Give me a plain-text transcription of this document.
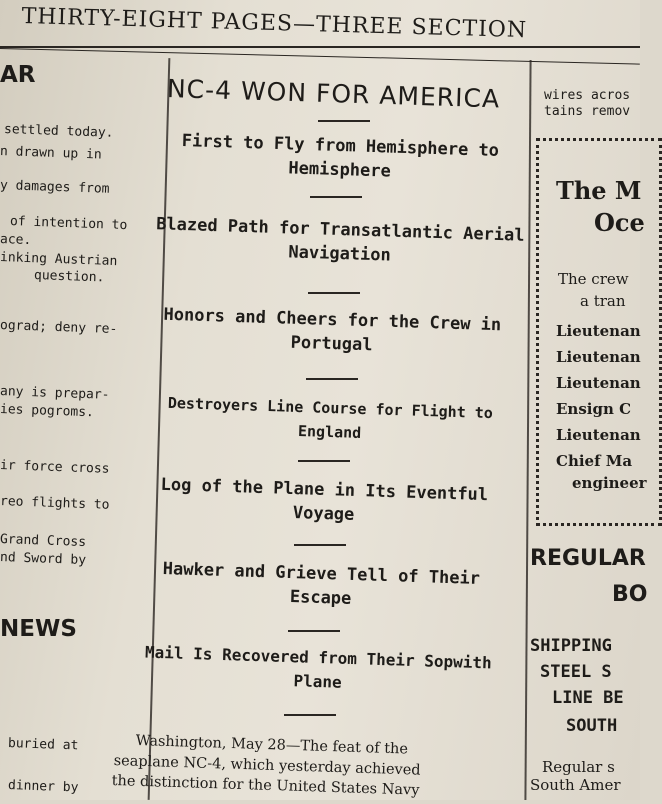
THIRTY-EIGHT PAGES—THREE SECTION
AR
settled today.
n drawn up in
y damages from
of intention to
ace.
inking Austrian
question.
ograd; deny re-
any is prepar-
ies pogroms.
ir force cross
reo flights to
Grand Cross
nd Sword by
NEWS
buried at
dinner by
NC-4 WON FOR AMERICA
First to Fly from Hemisphere to Hemisphere
Blazed Path for Transatlantic Aerial Navigation
Honors and Cheers for the Crew in Portugal
Destroyers Line Course for Flight to England
Log of the Plane in Its Eventful Voyage
Hawker and Grieve Tell of Their Escape
Mail Is Recovered from Their Sopwith Plane
Washington, May 28—The feat of the
seaplane NC-4, which yesterday achieved
the distinction for the United States Navy
wires acros
tains remov
The M
Oce
The crew
a tran
Lieutenan
Lieutenan
Lieutenan
Ensign C
Lieutenan
Chief Ma
engineer
REGULAR
BO
SHIPPING
STEEL S
LINE BE
SOUTH
Regular s
South Amer
